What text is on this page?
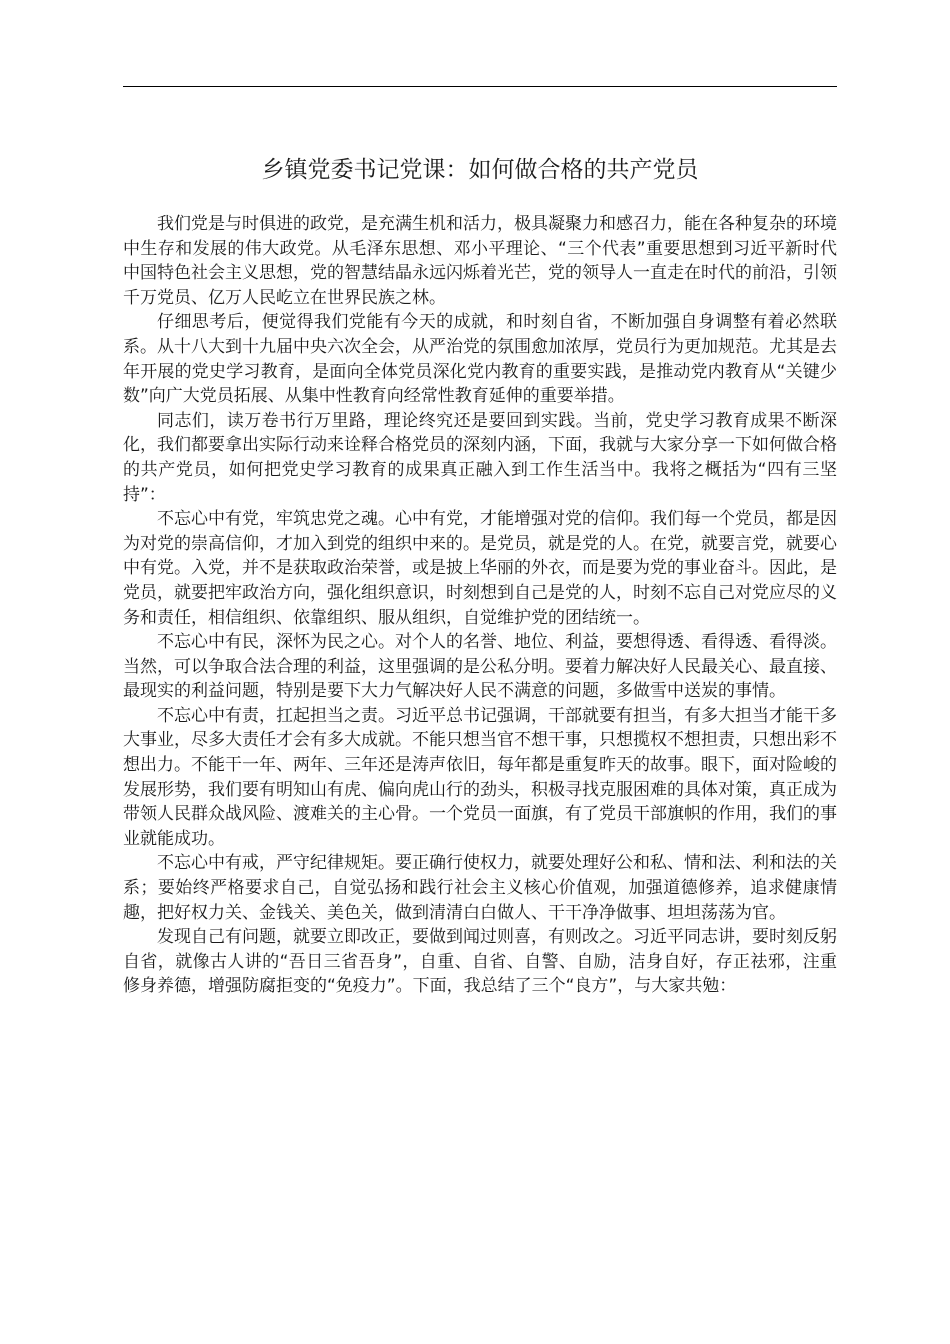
乡镇党委书记党课：如何做合格的共产党员

我们党是与时俱进的政党，是充满生机和活力，极具凝聚力和感召力，能在各种复杂的环境中生存和发展的伟大政党。从毛泽东思想、邓小平理论、“三个代表”重要思想到习近平新时代中国特色社会主义思想，党的智慧结晶永远闪烁着光芒，党的领导人一直走在时代的前沿，引领千万党员、亿万人民屹立在世界民族之林。

仔细思考后，便觉得我们党能有今天的成就，和时刻自省，不断加强自身调整有着必然联系。从十八大到十九届中央六次全会，从严治党的氛围愈加浓厚，党员行为更加规范。尤其是去年开展的党史学习教育，是面向全体党员深化党内教育的重要实践，是推动党内教育从“关键少数”向广大党员拓展、从集中性教育向经常性教育延伸的重要举措。

同志们，读万卷书行万里路，理论终究还是要回到实践。当前，党史学习教育成果不断深化，我们都要拿出实际行动来诠释合格党员的深刻内涵，下面，我就与大家分享一下如何做合格的共产党员，如何把党史学习教育的成果真正融入到工作生活当中。我将之概括为“四有三坚持”：

不忘心中有党，牢筑忠党之魂。心中有党，才能增强对党的信仰。我们每一个党员，都是因为对党的崇高信仰，才加入到党的组织中来的。是党员，就是党的人。在党，就要言党，就要心中有党。入党，并不是获取政治荣誉，或是披上华丽的外衣，而是要为党的事业奋斗。因此，是党员，就要把牢政治方向，强化组织意识，时刻想到自己是党的人，时刻不忘自己对党应尽的义务和责任，相信组织、依靠组织、服从组织，自觉维护党的团结统一。

不忘心中有民，深怀为民之心。对个人的名誉、地位、利益，要想得透、看得透、看得淡。当然，可以争取合法合理的利益，这里强调的是公私分明。要着力解决好人民最关心、最直接、最现实的利益问题，特别是要下大力气解决好人民不满意的问题，多做雪中送炭的事情。

不忘心中有责，扛起担当之责。习近平总书记强调，干部就要有担当，有多大担当才能干多大事业，尽多大责任才会有多大成就。不能只想当官不想干事，只想揽权不想担责，只想出彩不想出力。不能干一年、两年、三年还是涛声依旧，每年都是重复昨天的故事。眼下，面对险峻的发展形势，我们要有明知山有虎、偏向虎山行的劲头，积极寻找克服困难的具体对策，真正成为带领人民群众战风险、渡难关的主心骨。一个党员一面旗，有了党员干部旗帜的作用，我们的事业就能成功。

不忘心中有戒，严守纪律规矩。要正确行使权力，就要处理好公和私、情和法、利和法的关系；要始终严格要求自己，自觉弘扬和践行社会主义核心价值观，加强道德修养，追求健康情趣，把好权力关、金钱关、美色关，做到清清白白做人、干干净净做事、坦坦荡荡为官。

发现自己有问题，就要立即改正，要做到闻过则喜，有则改之。习近平同志讲，要时刻反躬自省，就像古人讲的“吾日三省吾身”，自重、自省、自警、自励，洁身自好，存正祛邪，注重修身养德，增强防腐拒变的“免疫力”。下面，我总结了三个“良方”，与大家共勉：
